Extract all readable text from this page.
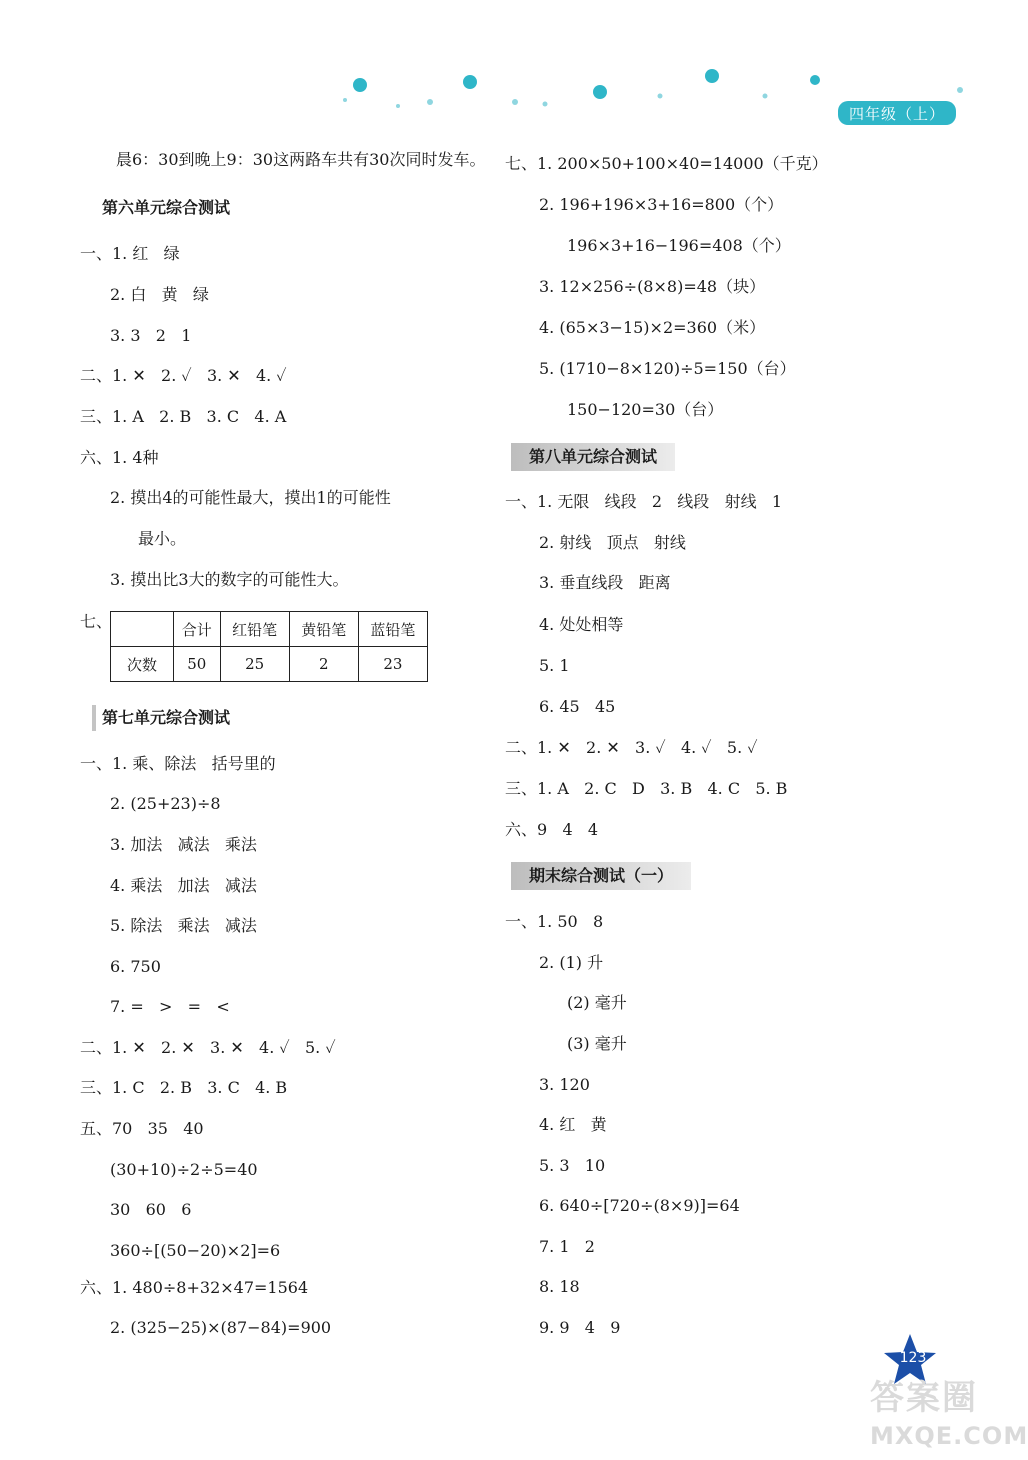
四年级（上）
晨6：30到晚上9：30这两路车共有30次同时发车。
第六单元综合测试
一、1. 红   绿
2. 白   黄   绿
3. 3   2   1
二、1. ✕   2. ✓   3. ✕   4. ✓
三、1. A   2. B   3. C   4. A
六、1. 4种
2. 摸出4的可能性最大，摸出1的可能性
最小。
3. 摸出比3大的数字的可能性大。
七、
		合计	红铅笔	黄铅笔	蓝铅笔
次数	50	25	2	23
第七单元综合测试
一、1. 乘、除法   括号里的
2. (25+23)÷8
3. 加法   减法   乘法
4. 乘法   加法   减法
5. 除法   乘法   减法
6. 750
7. =   >   =   <
二、1. ✕   2. ✕   3. ✕   4. ✓   5. ✓
三、1. C   2. B   3. C   4. B
五、70   35   40
(30+10)÷2÷5=40
30   60   6
360÷[(50−20)×2]=6
六、1. 480÷8+32×47=1564
2. (325−25)×(87−84)=900
七、1. 200×50+100×40=14000（千克）
2. 196+196×3+16=800（个）
196×3+16−196=408（个）
3. 12×256÷(8×8)=48（块）
4. (65×3−15)×2=360（米）
5. (1710−8×120)÷5=150（台）
150−120=30（台）
第八单元综合测试
一、1. 无限   线段   2   线段   射线   1
2. 射线   顶点   射线
3. 垂直线段   距离
4. 处处相等
5. 1
6. 45   45
二、1. ✕   2. ✕   3. ✓   4. ✓   5. ✓
三、1. A   2. C   D   3. B   4. C   5. B
六、9   4   4
期末综合测试（一）
一、1. 50   8
2. (1) 升
(2) 毫升
(3) 毫升
3. 120
4. 红   黄
5. 3   10
6. 640÷[720÷(8×9)]=64
7. 1   2
8. 18
9. 9   4   9
123
答案圈
MXQE.COM
